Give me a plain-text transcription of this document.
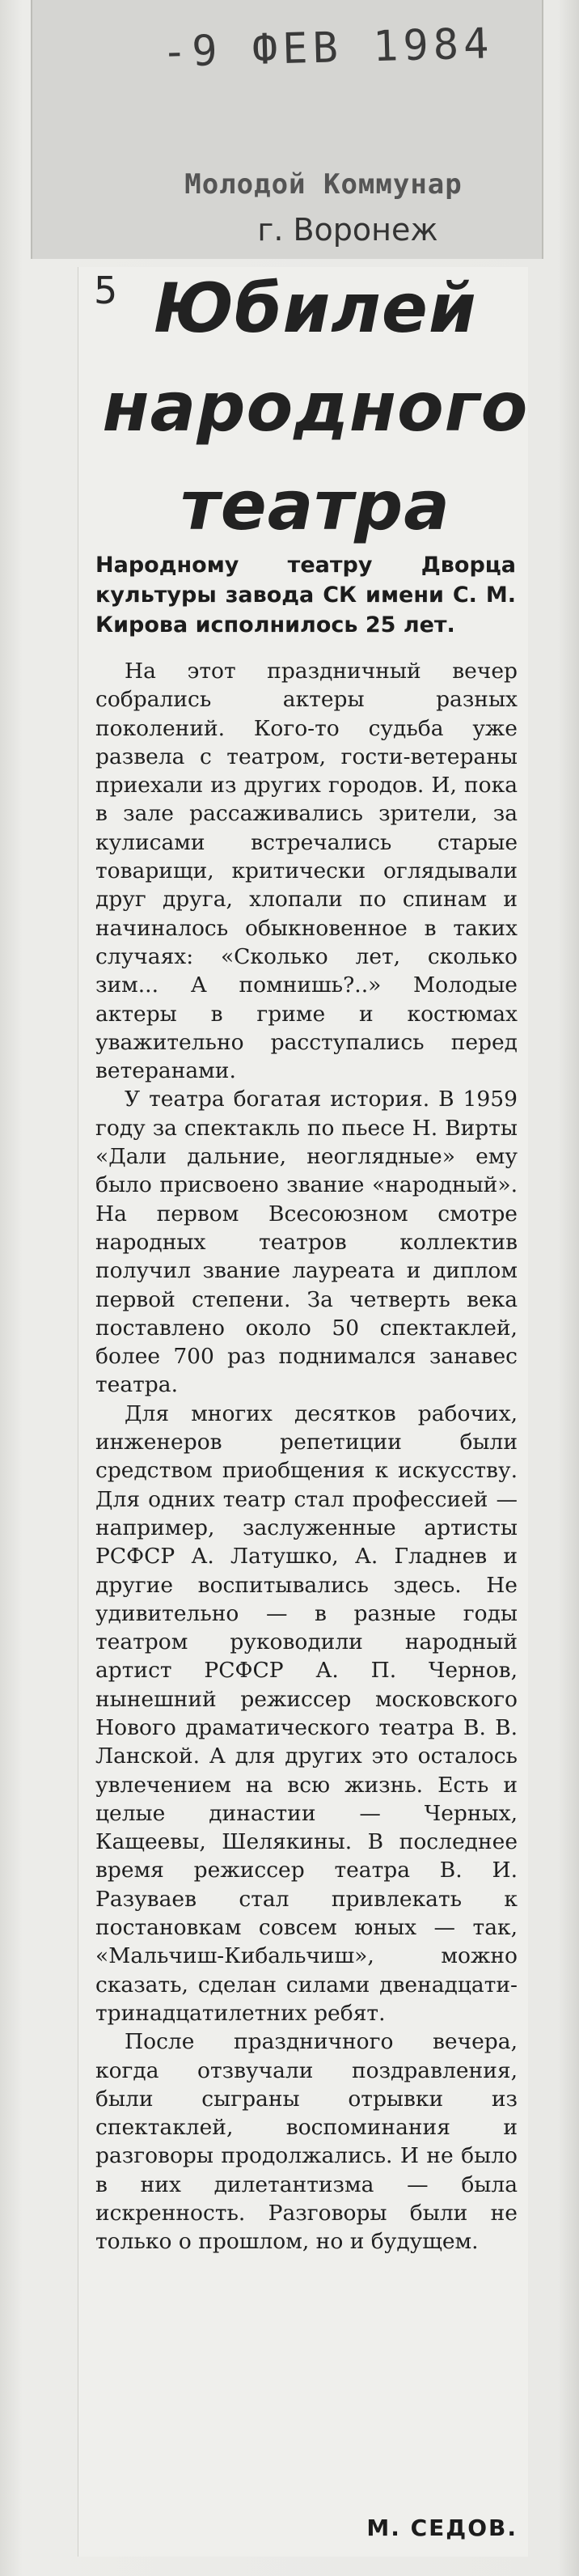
-9 ФЕВ 1984
Молодой Коммунар
г. Воронеж
5 Юбилей
народного
театра
Народному театру Дворца культуры завода СК имени С. М. Кирова исполнилось 25 лет.

На этот праздничный вечер собрались актеры разных поколений. Кого-то судьба уже развела с театром, гости-ветераны приехали из других городов. И, пока в зале рассаживались зрители, за кулисами встречались старые товарищи, критически оглядывали друг друга, хлопали по спинам и начиналось обыкновенное в таких случаях: «Сколько лет, сколько зим... А помнишь?..» Молодые актеры в гриме и костюмах уважительно расступались перед ветеранами.

У театра богатая история. В 1959 году за спектакль по пьесе Н. Вирты «Дали дальние, неоглядные» ему было присвоено звание «народный». На первом Всесоюзном смотре народных театров коллектив получил звание лауреата и диплом первой степени. За четверть века поставлено около 50 спектаклей, более 700 раз поднимался занавес театра.

Для многих десятков рабочих, инженеров репетиции были средством приобщения к искусству. Для одних театр стал профессией — например, заслуженные артисты РСФСР А. Латушко, А. Гладнев и другие воспитывались здесь. Не удивительно — в разные годы театром руководили народный артист РСФСР А. П. Чернов, нынешний режиссер московского Нового драматического театра В. В. Ланской. А для других это осталось увлечением на всю жизнь. Есть и целые династии — Черных, Кащеевы, Шелякины. В последнее время режиссер театра В. И. Разуваев стал привлекать к постановкам совсем юных — так, «Мальчиш-Кибальчиш», можно сказать, сделан силами двенадцати-тринадцатилетних ребят.

После праздничного вечера, когда отзвучали поздравления, были сыграны отрывки из спектаклей, воспоминания и разговоры продолжались. И не было в них дилетантизма — была искренность. Разговоры были не только о прошлом, но и будущем.

М. СЕДОВ.
